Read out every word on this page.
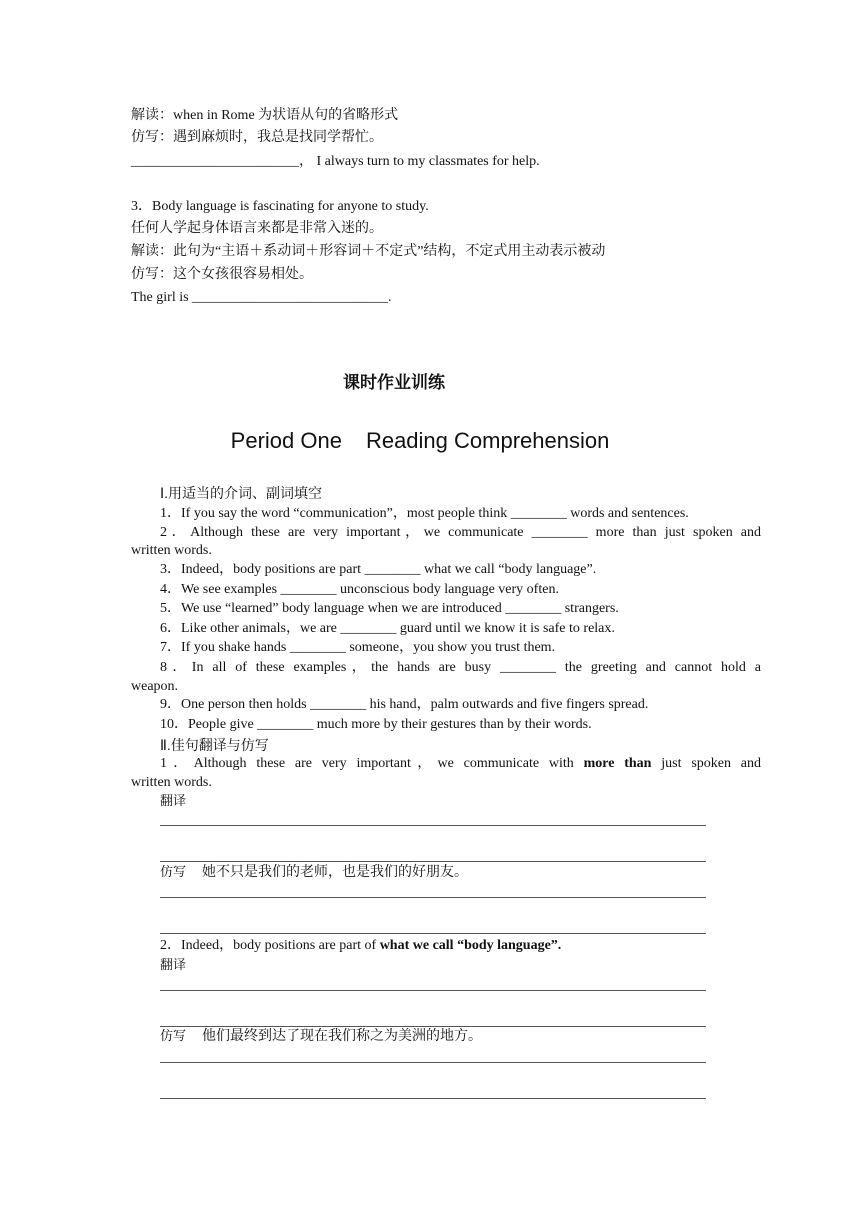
解读：when in Rome 为状语从句的省略形式
仿写：遇到麻烦时，我总是找同学帮忙。
________________________， I always turn to my classmates for help.
3．Body language is fascinating for anyone to study.
任何人学起身体语言来都是非常入迷的。
解读：此句为“主语＋系动词＋形容词＋不定式”结构，不定式用主动表示被动
仿写：这个女孩很容易相处。
The girl is ____________________________.
课时作业训练
Period One Reading Comprehension
Ⅰ.用适当的介词、副词填空
1．If you say the word “communication”，most people think ________ words and sentences.
2．Although these are very important，we communicate ________ more than just spoken and
written words.
3．Indeed，body positions are part ________ what we call “body language”.
4．We see examples ________ unconscious body language very often.
5．We use “learned” body language when we are introduced ________ strangers.
6．Like other animals，we are ________ guard until we know it is safe to relax.
7．If you shake hands ________ someone，you show you trust them.
8．In all of these examples，the hands are busy ________ the greeting and cannot hold a
weapon.
9．One person then holds ________ his hand，palm outwards and five fingers spread.
10．People give ________ much more by their gestures than by their words.
Ⅱ.佳句翻译与仿写
1．Although these are very important，we communicate with more than just spoken and
written words.
翻译
仿写 她不只是我们的老师，也是我们的好朋友。
2．Indeed，body positions are part of what we call “body language”.
翻译
仿写 他们最终到达了现在我们称之为美洲的地方。
